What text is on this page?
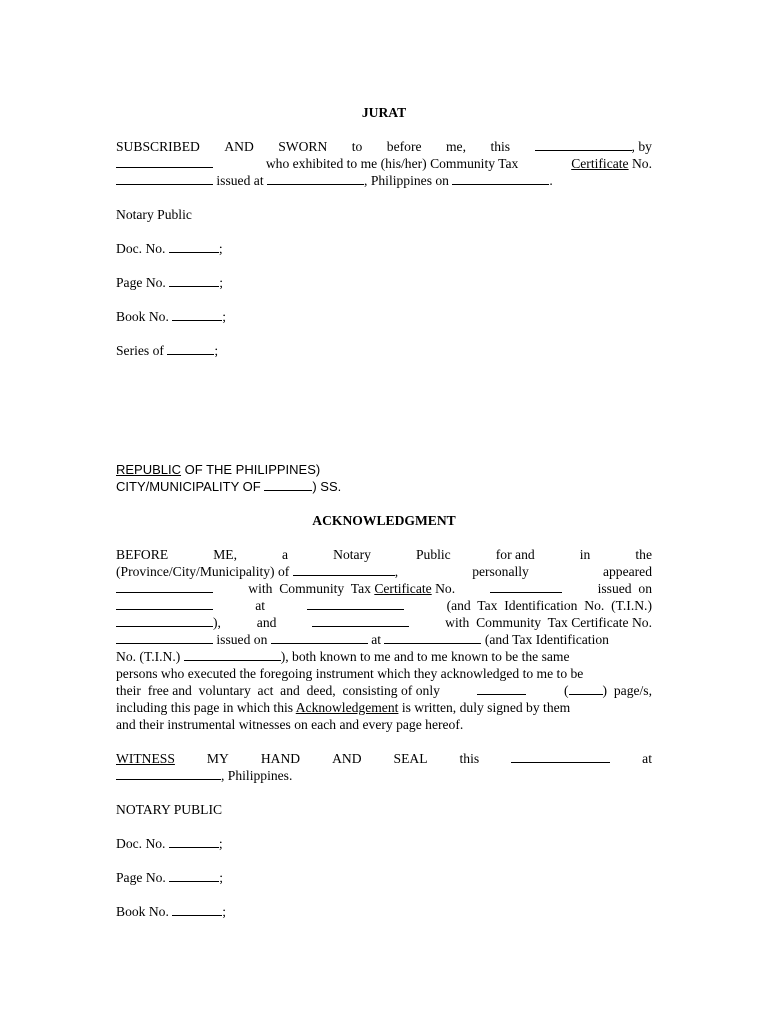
JURAT

SUBSCRIBED AND SWORN to before me, this	, by
who exhibited to me (his/her) Community Tax	Certificate No.

issued at	, Philippines on	.

Notary Public

Doc. No.	;

Page No.	;

Book No.	;

Series of	;

REPUBLIC OF THE PHILIPPINES)

CITY/MUNICIPALITY OF	) SS.

ACKNOWLEDGMENT

BEFORE	ME,	a	Notary	Public	for and	in	the
(Province/City/Municipality) of	,	personally	appeared
with  Community  Tax Certificate No.	issued  on
at	(and  Tax  Identification  No.  (T.I.N.)
),	and	with  Community  Tax Certificate No.

issued on	at	(and Tax Identification

No. (T.I.N.)	), both known to me and to me known to be the same

persons who executed the foregoing instrument which they acknowledged to me to be

their  free and  voluntary  act  and  deed,  consisting of only	(	)  page/s,

including this page in which this Acknowledgement is written, duly signed by them

and their instrumental witnesses on each and every page hereof.

WITNESS MY HAND AND SEAL this	at

, Philippines.

NOTARY PUBLIC

Doc. No.	;

Page No.	;

Book No.	;
